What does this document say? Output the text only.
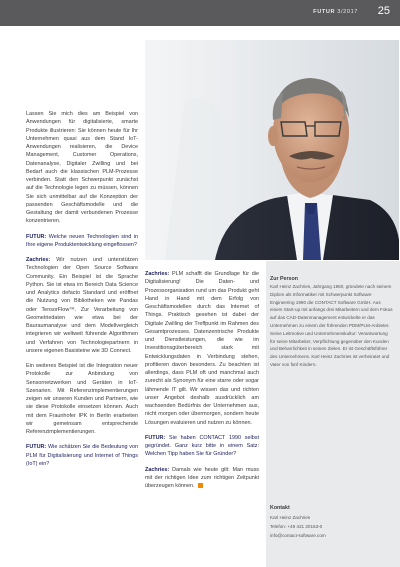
FUTUR 3/2017 25

Lassen Sie mich dies am Beispiel von Anwendungen für digitalisierte, smarte Produkte illustrieren: Sie können heute für Ihr Unternehmen quasi aus dem Stand IoT-Anwendungen realisieren, die Device Management, Customer Operations, Datenanalyse, Digitaler Zwilling und bei Bedarf auch die klassischen PLM-Prozesse verbinden. Statt den Schwerpunkt zunächst auf die Technologie legen zu müssen, können Sie sich unmittelbar auf die Konzeption der passenden Geschäftsmodelle und die Gestaltung der damit verbundenen Prozesse konzentrieren.

FUTUR: Welche neuen Technologien sind in Ihre eigene Produktentwicklung eingeflossen?

Zachries: Wir nutzen und unterstützen Technologien der Open Source Software Community. Ein Beispiel ist die Sprache Python. Sie ist etwa im Bereich Data Science und Analytics defacto Standard und eröffnet die Nutzung von Bibliotheken wie Pandas oder TensorFlow™. Zur Verarbeitung von Geometriedaten wie etwa bei der Bauraumanalyse und dem Modellvergleich integrieren wir weltweit führende Algorithmen und Verfahren von Technologiepartnern in unsere eigenen Basisteine wie 3D Connect.

Ein weiteres Beispiel ist die Integration neuer Protokolle zur Anbindung von Sensornetzwerken und Geräten in IoT-Szenarien. Mit Referenzimplementierungen zeigen wir unseren Kunden und Partnern, wie sie diese Protokolle einsetzen können. Auch mit dem Fraunhofer IPK in Berlin erarbeiten wir gemeinsam entsprechende Referenzimplementierungen.

FUTUR: Wie schätzen Sie die Bedeutung von PLM für Digitalisierung und Internet of Things (IoT) ein?

Zachries: PLM schafft die Grundlage für die Digitalisierung! Die Daten- und Prozessorganisation rund um das Produkt geht Hand in Hand mit dem Erfolg von Geschäftsmodellen durch das Internet of Things. Praktisch gesehen ist dabei der Digitale Zwilling der Treffpunkt im Rahmen des Gesamtprozesses. Datenzentrische Produkte und Dienstleistungen, die wie im Investitionsgüterbereich stark mit Entwicklungsdaten in Verbindung stehen, profitieren davon besonders. Zu beachten ist allerdings, dass PLM oft und manchmal auch zurecht als Synonym für eine starre oder sogar lähmende IT gilt. Wir wissen das und richten unser Angebot deshalb ausdrücklich am wachsenden Bedürfnis der Unternehmen aus, nicht morgen oder übermorgen, sondern heute Lösungen evaluieren und nutzen zu können.

FUTUR: Sie haben CONTACT 1990 selbst gegründet. Ganz kurz bitte in einem Satz: Welchen Tipp haben Sie für Gründer?

Zachries: Damals wie heute gilt: Man muss mit der richtigen Idee zum richtigen Zeitpunkt überzeugen können.

Zur Person
Karl Heinz Zachries, Jahrgang 1960, gründete nach seinem Diplom als Informatiker mit Schwerpunkt Software Engineering 1990 die CONTACT Software GmbH. Aus einem Start-up mit anfangs drei Mitarbeitern und dem Fokus auf das CAD-Datenmanagement entwickelte er das Unternehmen zu einem der führenden PDM/PLM-Anbieter. Seine Leitmotive und Unternehmenskultur: Verantwortung für seine Mitarbeiter, Verpflichtung gegenüber den Kunden und Beharrlichkeit in seinen Zielen. Er ist Geschäftsführer des Unternehmens. Karl Heinz Zachries ist verheiratet und Vater von fünf Kindern.
Kontakt
Karl Heinz Zachries
Telefon: +49 421 20153-0
info@contact-software.com
